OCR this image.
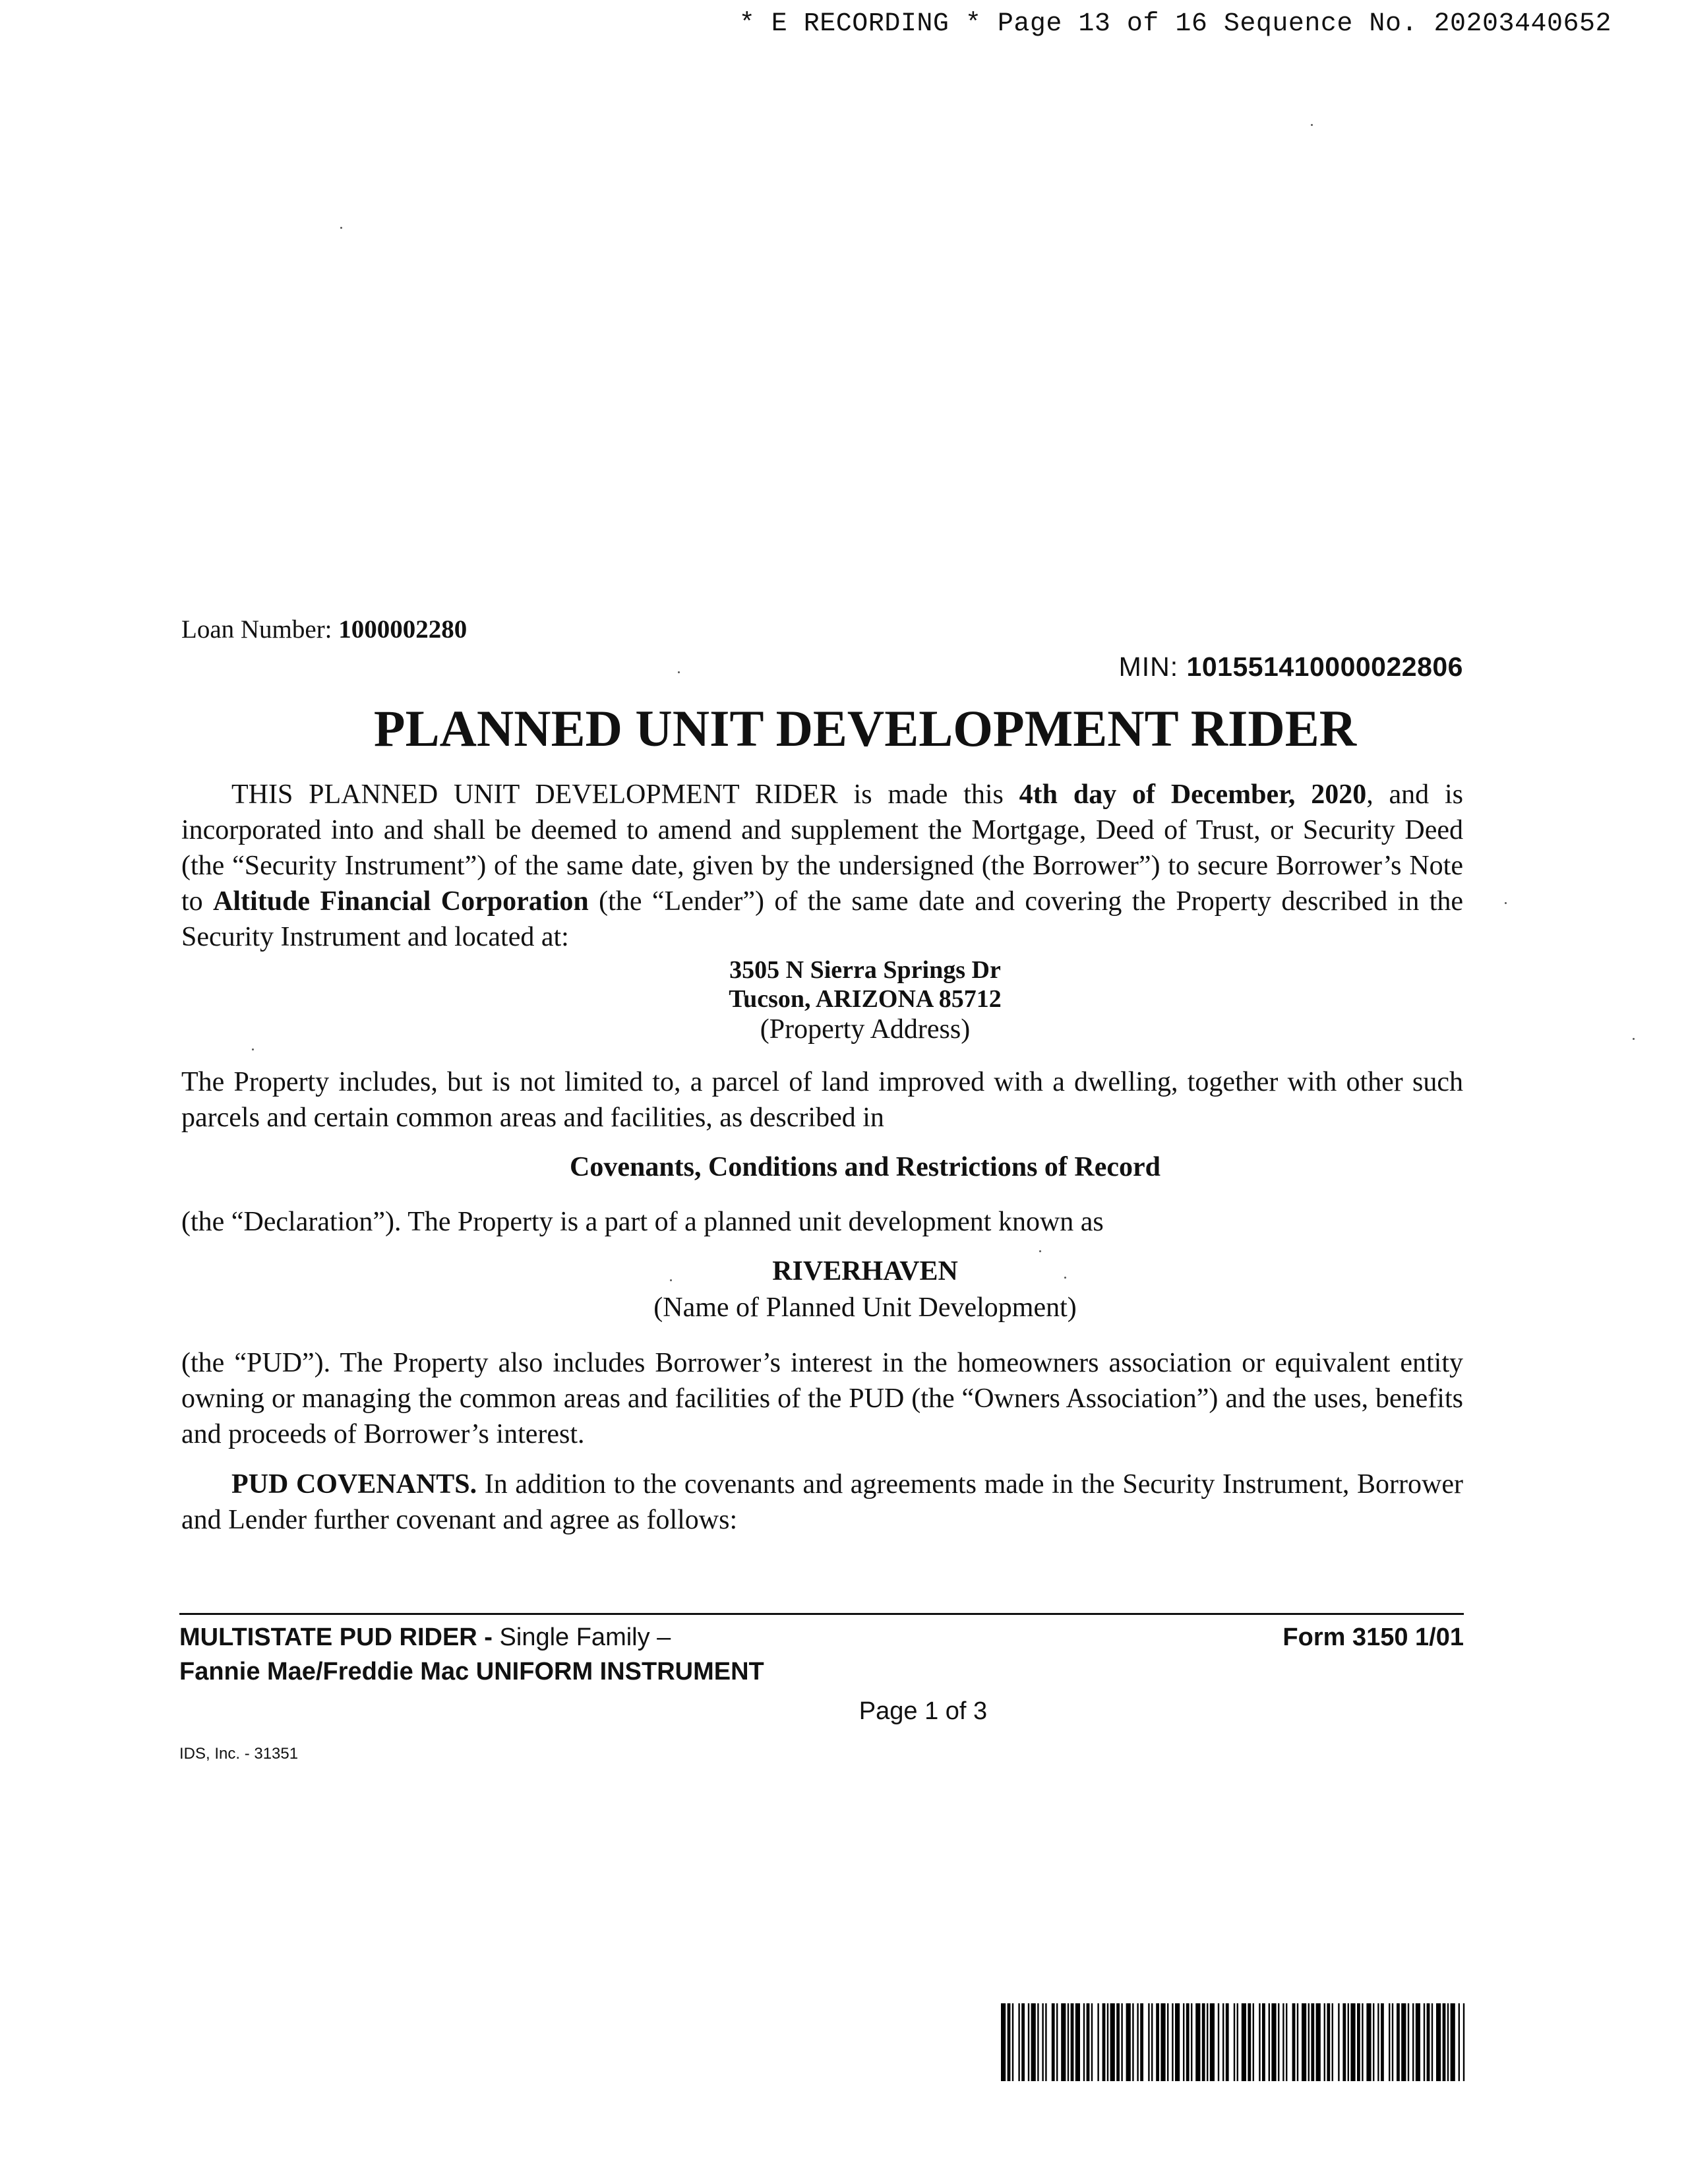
* E RECORDING * Page 13 of 16 Sequence No. 20203440652
Loan Number: 1000002280
MIN: 101551410000022806
PLANNED UNIT DEVELOPMENT RIDER
THIS PLANNED UNIT DEVELOPMENT RIDER is made this 4th day of December, 2020, and is incorporated into and shall be deemed to amend and supplement the Mortgage, Deed of Trust, or Security Deed (the “Security Instrument”) of the same date, given by the undersigned (the Borrower”) to secure Borrower’s Note to Altitude Financial Corporation (the “Lender”) of the same date and covering the Property described in the Security Instrument and located at:
3505 N Sierra Springs Dr
Tucson, ARIZONA 85712
(Property Address)
The Property includes, but is not limited to, a parcel of land improved with a dwelling, together with other such parcels and certain common areas and facilities, as described in
Covenants, Conditions and Restrictions of Record
(the “Declaration”). The Property is a part of a planned unit development known as
RIVERHAVEN
(Name of Planned Unit Development)
(the “PUD”). The Property also includes Borrower’s interest in the homeowners association or equivalent entity owning or managing the common areas and facilities of the PUD (the “Owners Association”) and the uses, benefits and proceeds of Borrower’s interest.
PUD COVENANTS. In addition to the covenants and agreements made in the Security Instrument, Borrower and Lender further covenant and agree as follows:
MULTISTATE PUD RIDER - Single Family –
Fannie Mae/Freddie Mac UNIFORM INSTRUMENT
Form 3150 1/01
Page 1 of 3
IDS, Inc. - 31351
